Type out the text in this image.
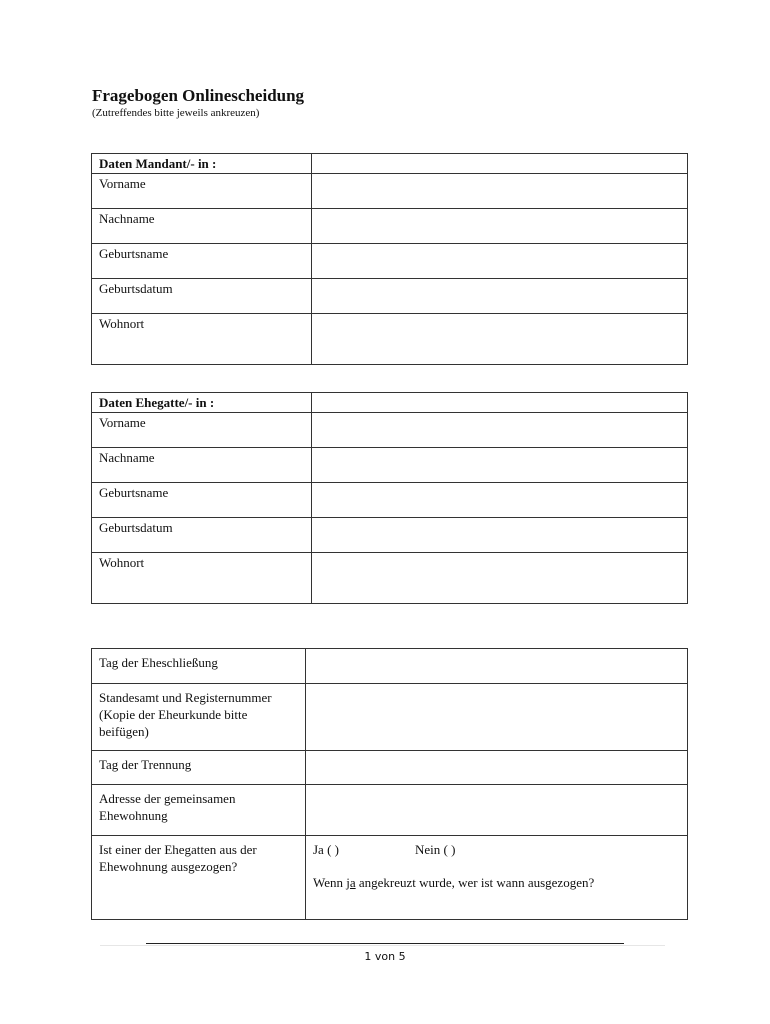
Fragebogen Onlinescheidung
(Zutreffendes bitte jeweils ankreuzen)
Daten Mandant/- in :	
Vorname	
Nachname	
Geburtsname	
Geburtsdatum	
Wohnort	
Daten Ehegatte/- in :	
Vorname	
Nachname	
Geburtsname	
Geburtsdatum	
Wohnort	
Tag der Eheschließung	
Standesamt und Registernummer (Kopie der Eheurkunde bitte beifügen)	
Tag der Trennung	
Adresse der gemeinsamen Ehewohnung	
Ist einer der Ehegatten aus der Ehewohnung ausgezogen?	Ja ( ) Nein ( )
Wenn ja angekreuzt wurde, wer ist wann ausgezogen?
1 von 5
